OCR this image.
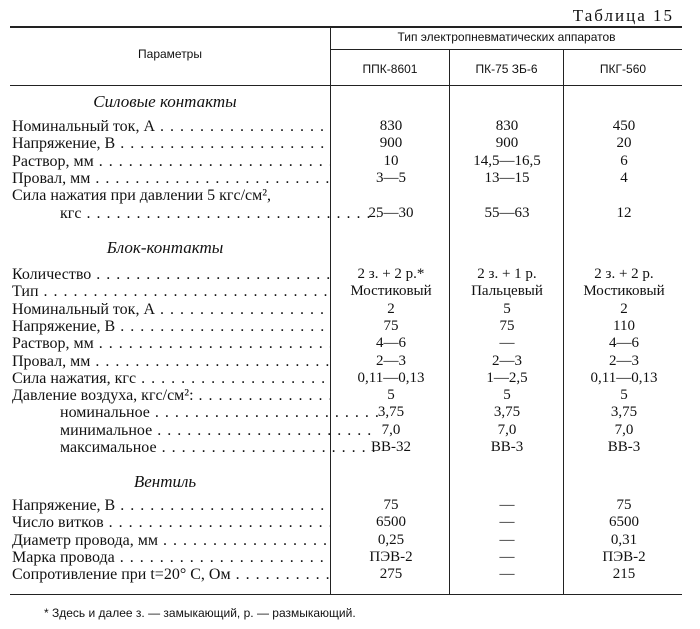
Таблица 15
Параметры
Тип электропневматических аппаратов
ППК-8601	ПК-75 ЗБ-6	ПКГ-560
Силовые контакты
Номинальный ток, А . . .	830	830	450
Напряжение, В . . .	900	900	20
Раствор, мм . . .	10	14,5—16,5	6
Провал, мм . . .	3—5	13—15	4
Сила нажатия при давлении 5 кгс/см²,
кгс . . .	25—30	55—63	12
Блок-контакты
Количество . . .	2 з. + 2 р.*	2 з. + 1 р.	2 з. + 2 р.
Тип . . .	Мостиковый	Пальцевый	Мостиковый
Номинальный ток, А . . .	2	5	2
Напряжение, В . . .	75	75	110
Раствор, мм . . .	4—6	—	4—6
Провал, мм . . .	2—3	2—3	2—3
Сила нажатия, кгс . . .	0,11—0,13	1—2,5	0,11—0,13
Давление воздуха, кгс/см²: . . .	5	5	5
номинальное . . .	3,75	3,75	3,75
минимальное . . .	7,0	7,0	7,0
максимальное . . .	ВВ-32	ВВ-3	ВВ-3
Вентиль
Напряжение, В . . .	75	—	75
Число витков . . .	6500	—	6500
Диаметр провода, мм . . .	0,25	—	0,31
Марка провода . . .	ПЭВ-2	—	ПЭВ-2
Сопротивление при t=20° С, Ом . . .	275	—	215
* Здесь и далее з. — замыкающий, р. — размыкающий.
